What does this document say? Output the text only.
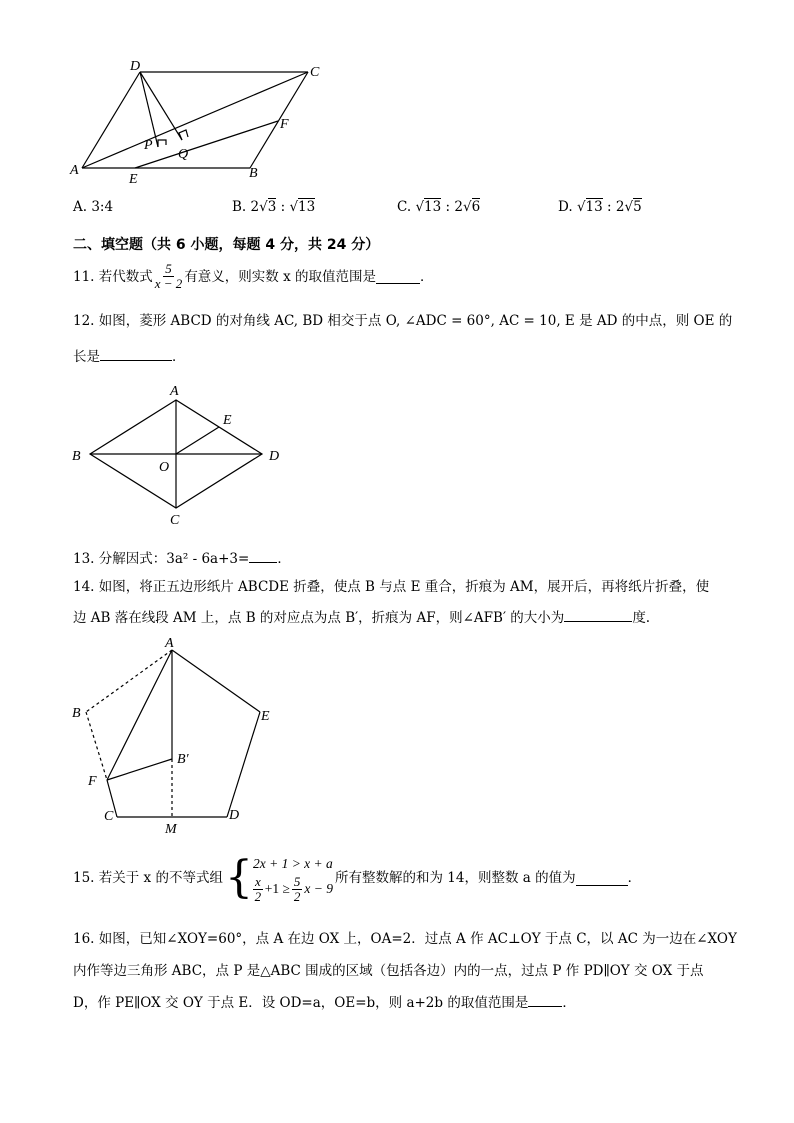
D	C
A	B
E
F
P
Q
A. 3:4	B. 2√3 : √13	C. √13 : 2√6	D. √13 : 2√5
二、填空题（共 6 小题，每题 4 分，共 24 分）
11. 若代数式 $\frac{5}{x - 2}$ 有意义，则实数 x 的取值范围是	．
12. 如图，菱形 ABCD 的对角线 AC, BD 相交于点 O, ∠ADC = 60°, AC = 10, E 是 AD 的中点，则 OE 的
长是	．
A
B
C
D
E
O
13. 分解因式：3a² - 6a+3= ．
14. 如图，将正五边形纸片 ABCDE 折叠，使点 B 与点 E 重合，折痕为 AM，展开后，再将纸片折叠，使
边 AB 落在线段 AM 上，点 B 的对应点为点 B′，折痕为 AF，则∠AFB′ 的大小为	度.
A
B	E
B′
F
C
M
D
15. 若关于 x 的不等式组 { 2x + 1 > x + a
$\frac{x}{2} +1 \ge \frac{5}{2}$ x − 9
所有整数解的和为 14，则整数 a 的值为	．
16. 如图，已知∠XOY=60°，点 A 在边 OX 上，OA=2．过点 A 作 AC⊥OY 于点 C，以 AC 为一边在∠XOY
内作等边三角形 ABC，点 P 是△ABC 围成的区域（包括各边）内的一点，过点 P 作 PD∥OY 交 OX 于点
D，作 PE∥OX 交 OY 于点 E．设 OD=a，OE=b，则 a+2b 的取值范围是	．
